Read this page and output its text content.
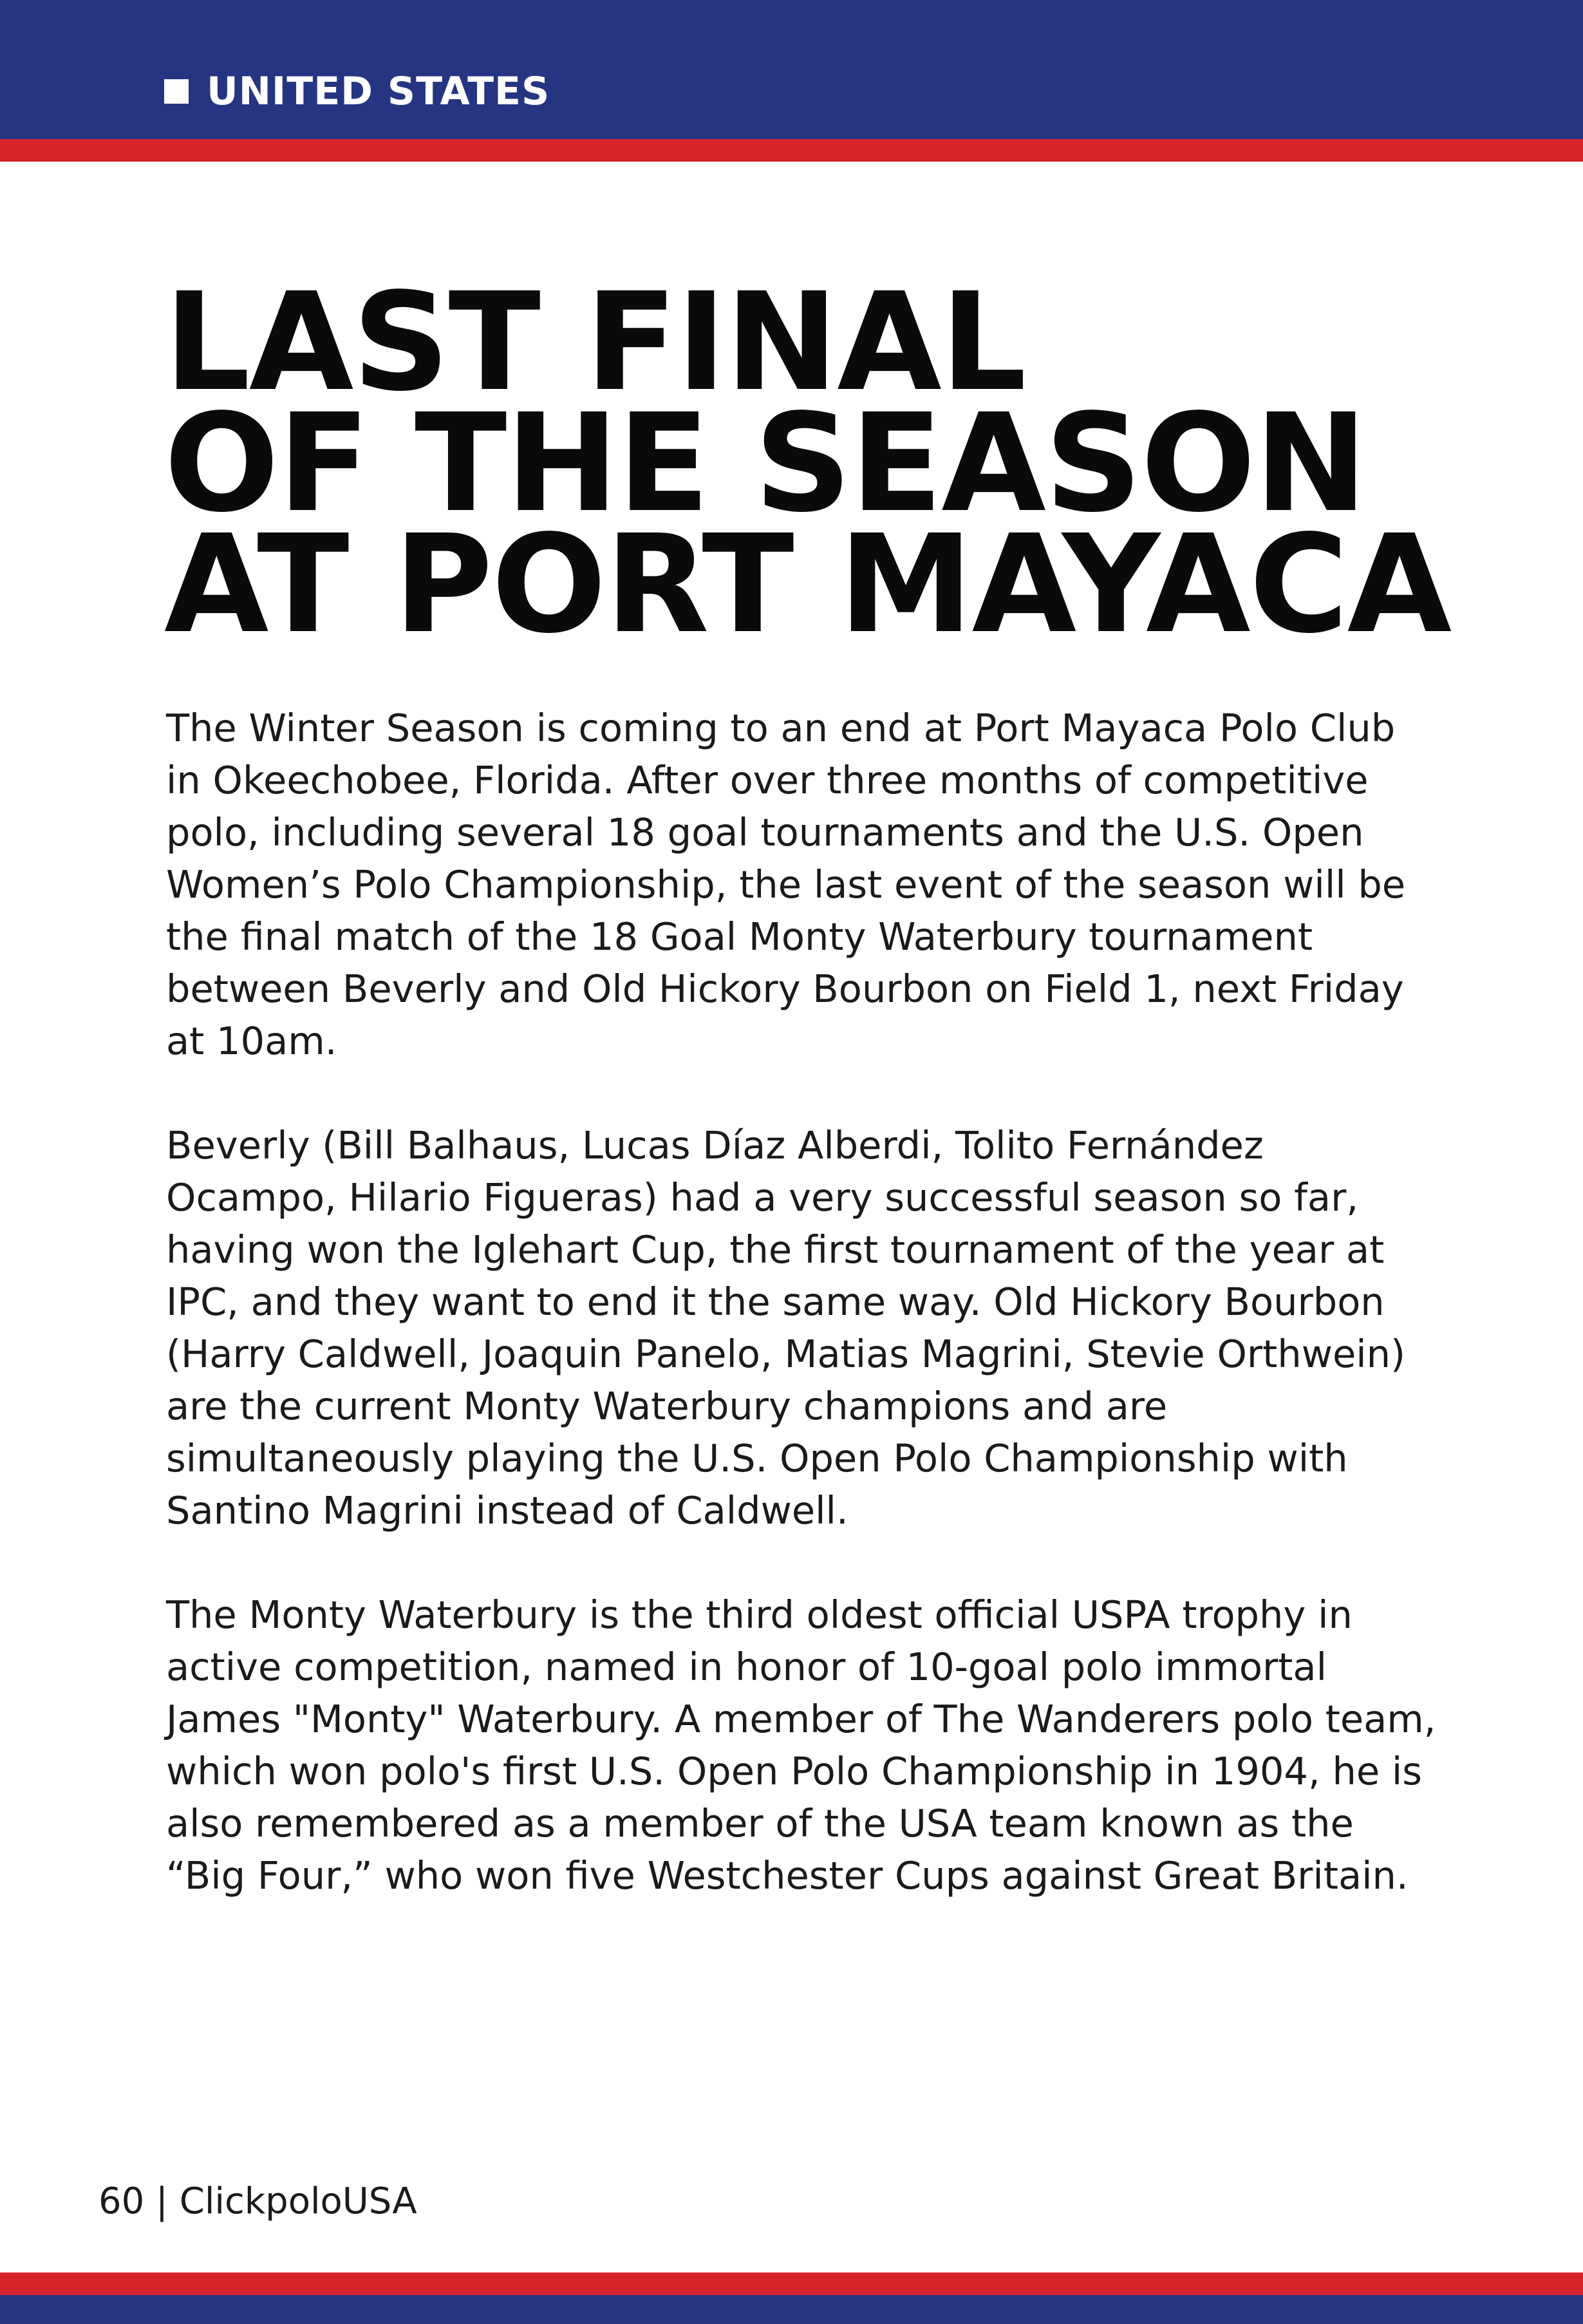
UNITED STATES
LAST FINAL
OF THE SEASON
AT PORT MAYACA

The Winter Season is coming to an end at Port Mayaca Polo Club in Okeechobee, Florida. After over three months of competitive polo, including several 18 goal tournaments and the U.S. Open Women’s Polo Championship, the last event of the season will be the final match of the 18 Goal Monty Waterbury tournament between Beverly and Old Hickory Bourbon on Field 1, next Friday at 10am.

Beverly (Bill Balhaus, Lucas Díaz Alberdi, Tolito Fernández Ocampo, Hilario Figueras) had a very successful season so far, having won the Iglehart Cup, the first tournament of the year at IPC, and they want to end it the same way. Old Hickory Bourbon (Harry Caldwell, Joaquin Panelo, Matias Magrini, Stevie Orthwein) are the current Monty Waterbury champions and are simultaneously playing the U.S. Open Polo Championship with Santino Magrini instead of Caldwell.

The Monty Waterbury is the third oldest official USPA trophy in active competition, named in honor of 10-goal polo immortal James "Monty" Waterbury. A member of The Wanderers polo team, which won polo's first U.S. Open Polo Championship in 1904, he is also remembered as a member of the USA team known as the “Big Four,” who won five Westchester Cups against Great Britain.

60 | ClickpoloUSA
